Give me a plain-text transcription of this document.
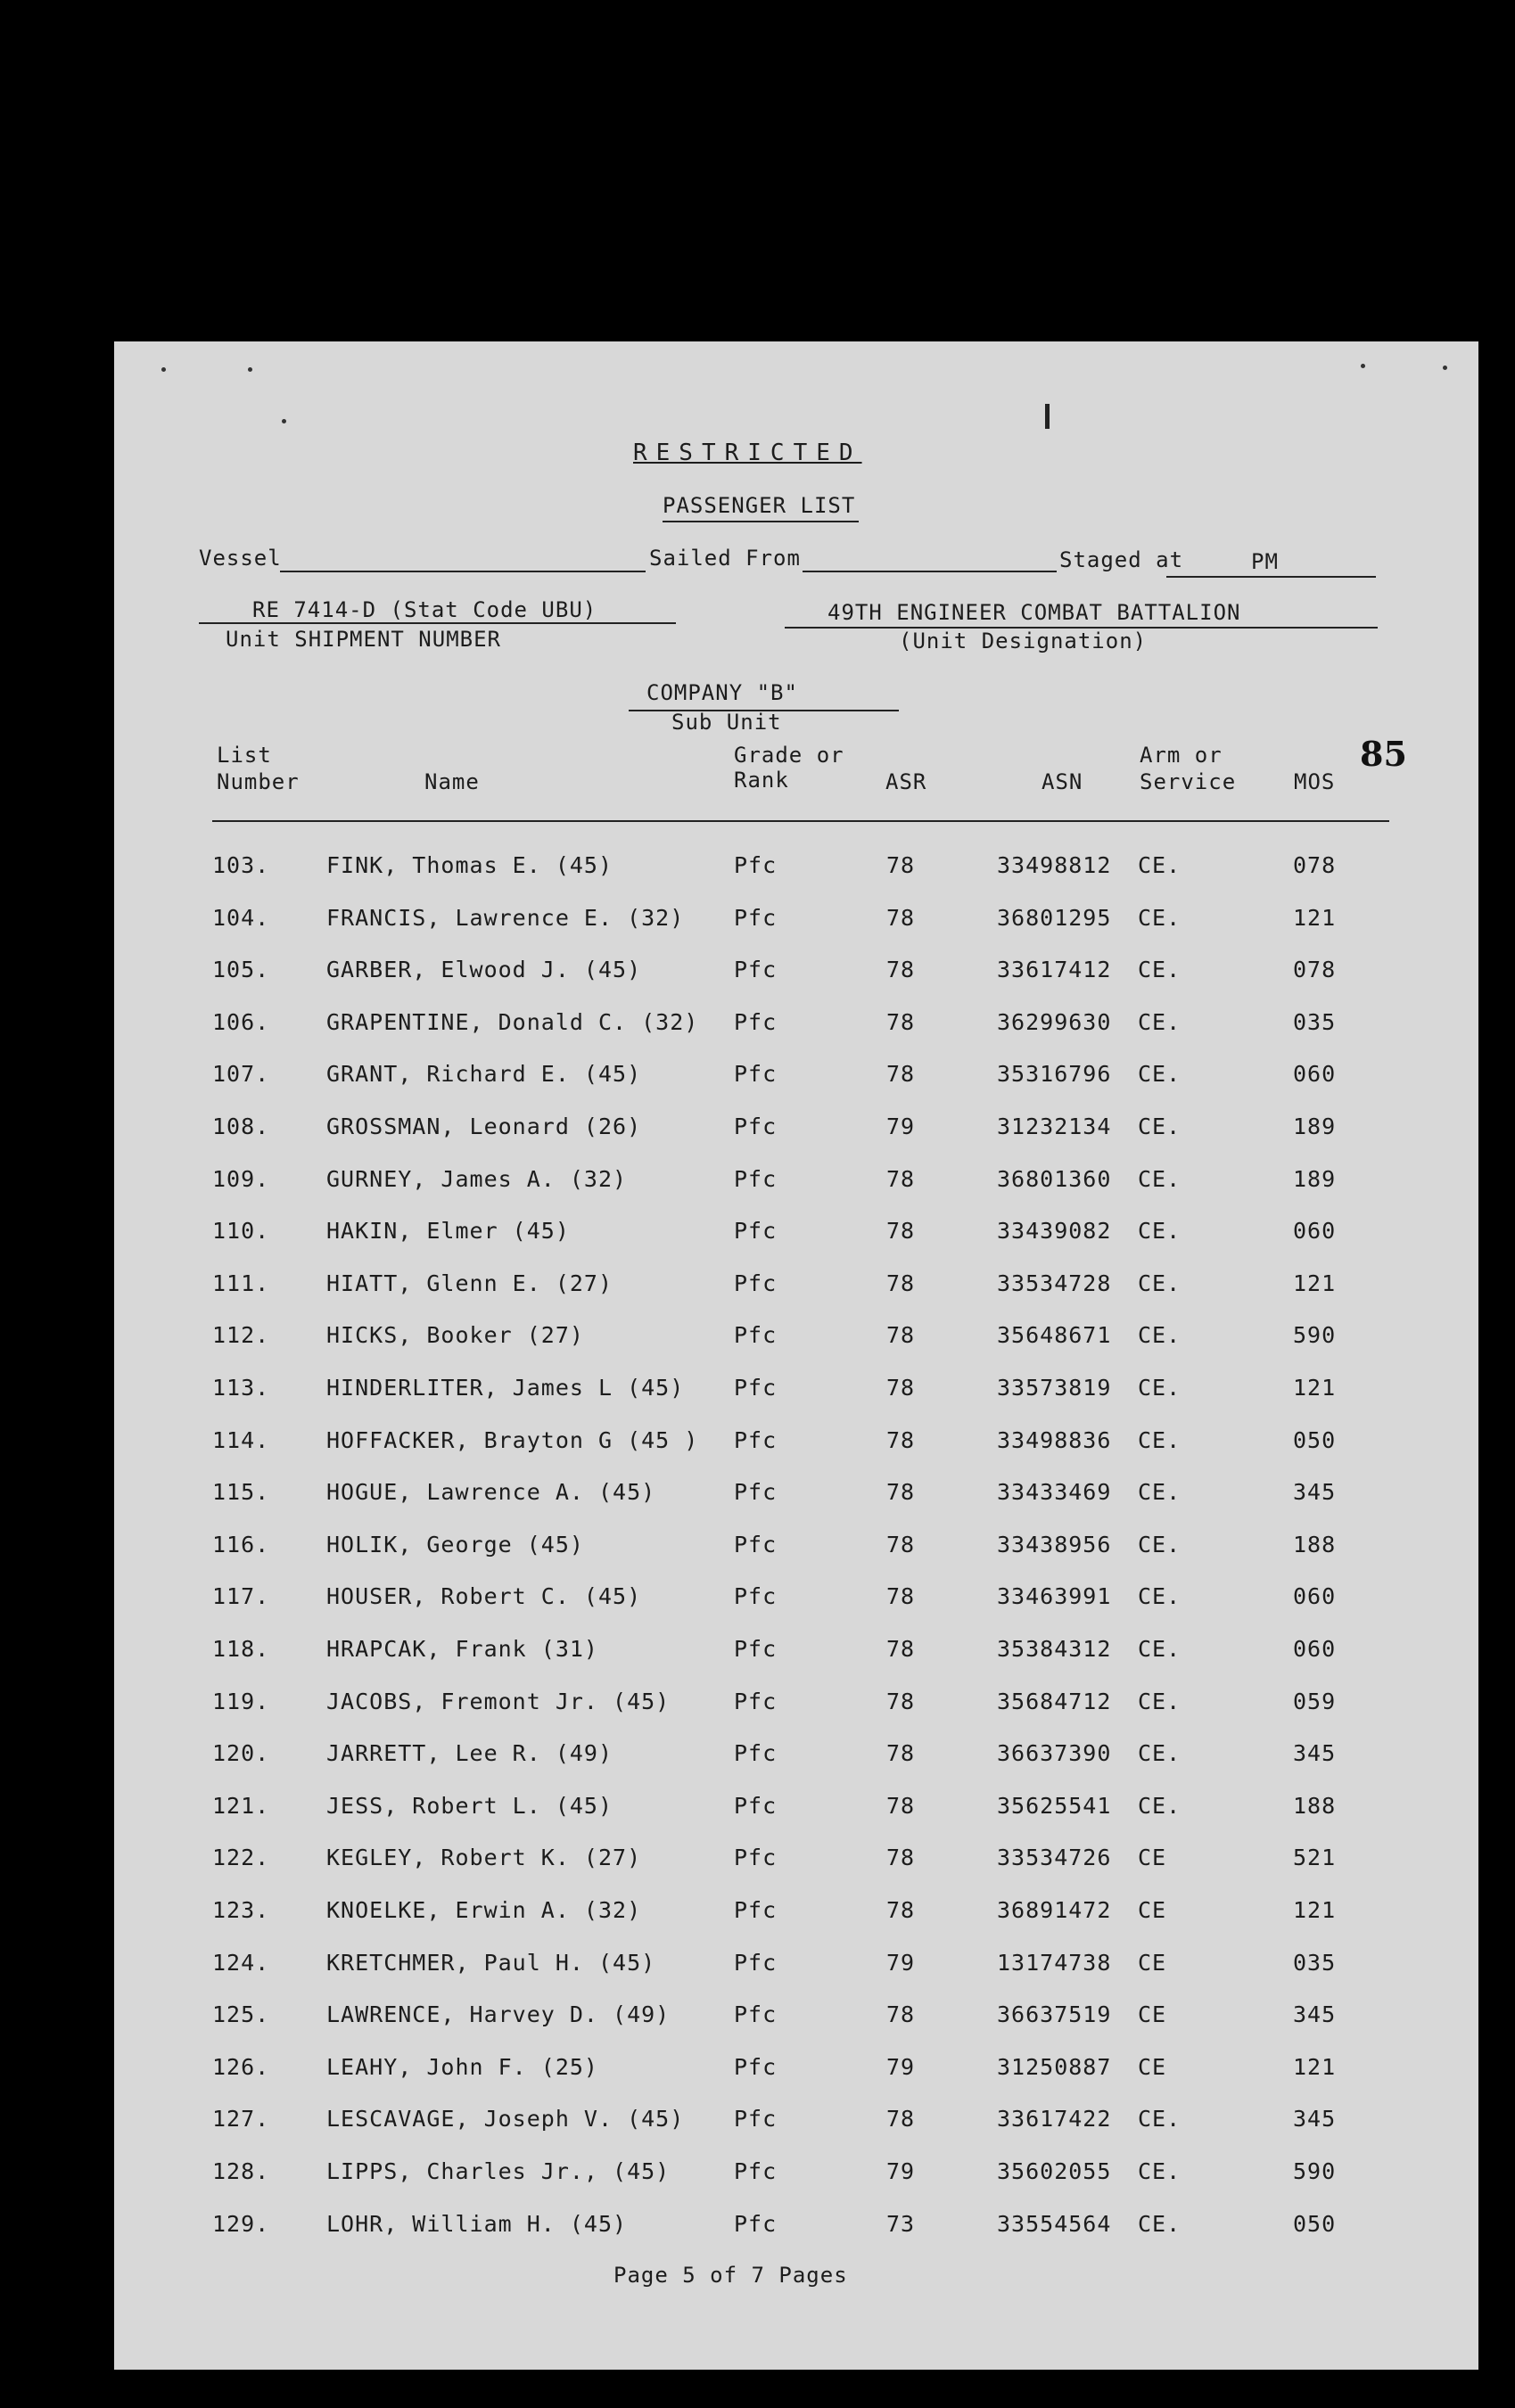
RESTRICTED
PASSENGER LIST
Vessel	Sailed From	Staged at	PM
RE 7414-D (Stat Code UBU)
Unit SHIPMENT NUMBER
49TH ENGINEER COMBAT BATTALION
(Unit Designation)
COMPANY "B"
Sub Unit
85
List
Number	Name
Grade or
Rank	ASR	ASN
Arm or
Service	MOS
103.	FINK, Thomas E. (45)	Pfc	78	33498812 CE.	078
104.	FRANCIS, Lawrence E. (32) Pfc	78	36801295 CE.	121
105.	GARBER, Elwood J. (45)	Pfc	78	33617412 CE.	078
106.	GRAPENTINE, Donald C. (32) Pfc	78	36299630 CE.	035
107.	GRANT, Richard E. (45)	Pfc	78	35316796 CE.	060
108.	GROSSMAN, Leonard (26)	Pfc	79	31232134 CE.	189
109.	GURNEY, James A. (32)	Pfc	78	36801360 CE.	189
110.	HAKIN, Elmer (45)	Pfc	78	33439082 CE.	060
111.	HIATT, Glenn E. (27)	Pfc	78	33534728 CE.	121
112.	HICKS, Booker (27)	Pfc	78	35648671 CE.	590
113.	HINDERLITER, James L (45) Pfc	78	33573819 CE.	121
114.	HOFFACKER, Brayton G (45 ) Pfc	78	33498836 CE.	050
115.	HOGUE, Lawrence A. (45)	Pfc	78	33433469 CE.	345
116.	HOLIK, George (45)	Pfc	78	33438956 CE.	188
117.	HOUSER, Robert C. (45)	Pfc	78	33463991 CE.	060
118.	HRAPCAK, Frank (31)	Pfc	78	35384312 CE.	060
119.	JACOBS, Fremont Jr. (45)	Pfc	78	35684712 CE.	059
120.	JARRETT, Lee R. (49)	Pfc	78	36637390 CE.	345
121.	JESS, Robert L. (45)	Pfc	78	35625541 CE.	188
122.	KEGLEY, Robert K. (27)	Pfc	78	33534726 CE	521
123.	KNOELKE, Erwin A. (32)	Pfc	78	36891472 CE	121
124.	KRETCHMER, Paul H. (45)	Pfc	79	13174738 CE	035
125.	LAWRENCE, Harvey D. (49)	Pfc	78	36637519 CE	345
126.	LEAHY, John F. (25)	Pfc	79	31250887 CE	121
127.	LESCAVAGE, Joseph V. (45) Pfc	78	33617422 CE.	345
128.	LIPPS, Charles Jr., (45)	Pfc	79	35602055 CE.	590
129.	LOHR, William H. (45)	Pfc	73	33554564 CE.	050
Page 5 of 7 Pages
